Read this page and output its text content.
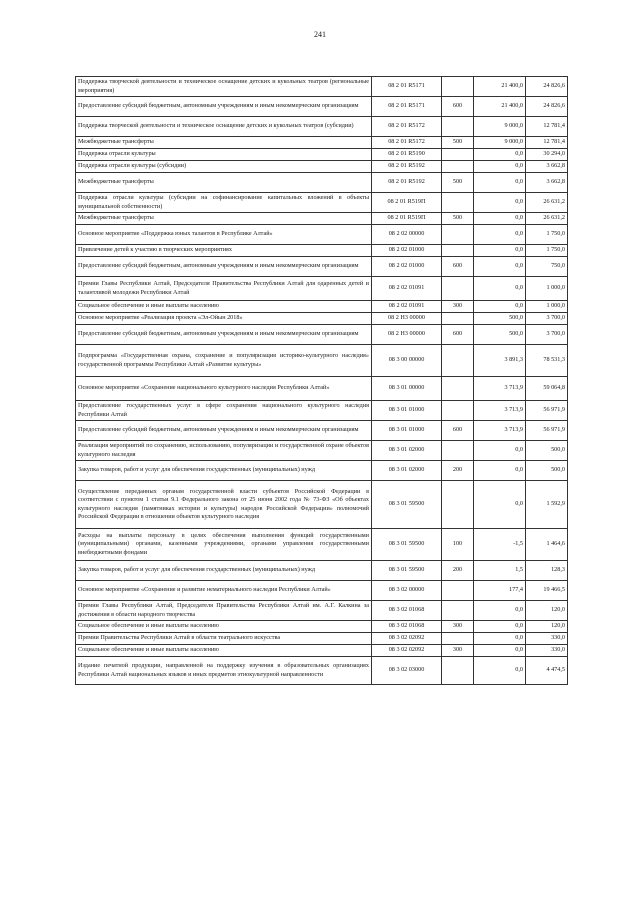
241
Поддержка творческой деятельности и техническое оснащение детских и кукольных театров (региональные мероприятия)	08 2 01 R5171		21 400,0	24 826,6
Предоставление субсидий бюджетным, автономным учреждениям и иным некоммерческим организациям	08 2 01 R5171	600	21 400,0	24 826,6
Поддержка творческой деятельности и техническое оснащение детских и кукольных театров (субсидии)	08 2 01 R5172		9 000,0	12 781,4
Межбюджетные трансферты	08 2 01 R5172	500	9 000,0	12 781,4
Поддержка отрасли культуры	08 2 01 R5190		0,0	30 294,0
Поддержка отрасли культуры (субсидии)	08 2 01 R5192		0,0	3 662,8
Межбюджетные трансферты	08 2 01 R5192	500	0,0	3 662,8
Поддержка отрасли культуры (субсидии на софинансирование капитальных вложений в объекты муниципальной собственности)	08 2 01 R519П		0,0	26 631,2
Межбюджетные трансферты	08 2 01 R519П	500	0,0	26 631,2
Основное мероприятие «Поддержка юных талантов в Республике Алтай»	08 2 02 00000		0,0	1 750,0
Привлечение детей к участию в творческих мероприятиях	08 2 02 01000		0,0	1 750,0
Предоставление субсидий бюджетным, автономным учреждениям и иным некоммерческим организациям	08 2 02 01000	600	0,0	750,0
Премии Главы Республики Алтай, Председателя Правительства Республики Алтай для одаренных детей и талантливой молодежи Республики Алтай	08 2 02 01091		0,0	1 000,0
Социальное обеспечение и иные выплаты населению	08 2 02 01091	300	0,0	1 000,0
Основное мероприятие «Реализация проекта «Эл-Ойын 2018»	08 2 Н3 00000		500,0	3 700,0
Предоставление субсидий бюджетным, автономным учреждениям и иным некоммерческим организациям	08 2 Н3 00000	600	500,0	3 700,0
Подпрограмма «Государственная охрана, сохранение и популяризация историко-культурного наследия» государственной программы Республики Алтай «Развитие культуры»	08 3 00 00000		3 891,3	78 531,3
Основное мероприятие «Сохранение национального культурного наследия Республики Алтай»	08 3 01 00000		3 713,9	59 064,8
Предоставление государственных услуг в сфере сохранения национального культурного наследия Республики Алтай	08 3 01 01000		3 713,9	56 971,9
Предоставление субсидий бюджетным, автономным учреждениям и иным некоммерческим организациям	08 3 01 01000	600	3 713,9	56 971,9
Реализация мероприятий по сохранению, использованию, популяризации и государственной охране объектов культурного наследия	08 3 01 02000		0,0	500,0
Закупка товаров, работ и услуг для обеспечения государственных (муниципальных) нужд	08 3 01 02000	200	0,0	500,0
Осуществление переданных органам государственной власти субъектов Российской Федерации в соответствии с пунктом 1 статьи 9.1 Федерального закона от 25 июня 2002 года № 73-ФЗ «Об объектах культурного наследия (памятниках истории и культуры) народов Российской Федерации» полномочий Российской Федерации в отношении объектов культурного наследия	08 3 01 59500		0,0	1 592,9
Расходы на выплаты персоналу в целях обеспечения выполнения функций государственными (муниципальными) органами, казенными учреждениями, органами управления государственными внебюджетными фондами	08 3 01 59500	100	-1,5	1 464,6
Закупка товаров, работ и услуг для обеспечения государственных (муниципальных) нужд	08 3 01 59500	200	1,5	128,3
Основное мероприятие «Сохранение и развитие нематериального наследия Республики Алтай»	08 3 02 00000		177,4	19 466,5
Премии Главы Республики Алтай, Председателя Правительства Республики Алтай им. А.Г. Калкина за достижения в области народного творчества	08 3 02 01068		0,0	120,0
Социальное обеспечение и иные выплаты населению	08 3 02 01068	300	0,0	120,0
Премии Правительства Республики Алтай в области театрального искусства	08 3 02 02092		0,0	330,0
Социальное обеспечение и иные выплаты населению	08 3 02 02092	300	0,0	330,0
Издание печатной продукции, направленной на поддержку изучения в образовательных организациях Республики Алтай национальных языков и иных предметов этнокультурной направленности	08 3 02 03000		0,0	4 474,5
